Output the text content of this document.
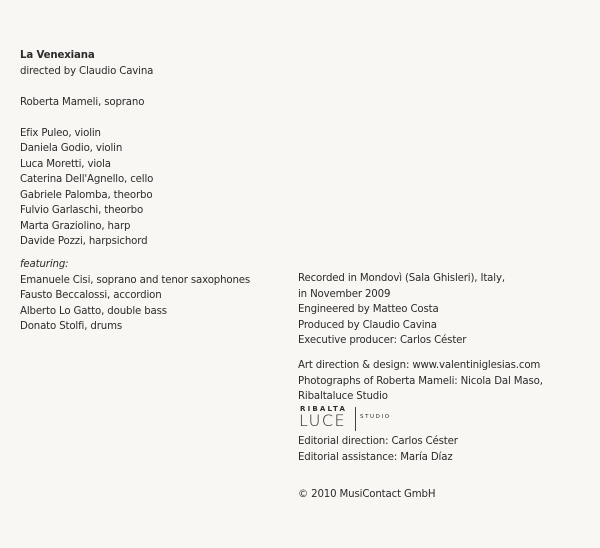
La Venexiana
directed by Claudio Cavina
Roberta Mameli, soprano
Efix Puleo, violin
Daniela Godio, violin
Luca Moretti, viola
Caterina Dell'Agnello, cello
Gabriele Palomba, theorbo
Fulvio Garlaschi, theorbo
Marta Graziolino, harp
Davide Pozzi, harpsichord
featuring:
Emanuele Cisi, soprano and tenor saxophones
Fausto Beccalossi, accordion
Alberto Lo Gatto, double bass
Donato Stolfi, drums
Recorded in Mondovì (Sala Ghisleri), Italy,
in November 2009
Engineered by Matteo Costa
Produced by Claudio Cavina
Executive producer: Carlos Céster
Art direction & design: www.valentiniglesias.com
Photographs of Roberta Mameli: Nicola Dal Maso,
Ribaltaluce Studio
RIBALTA
LUCE	STUDIO
Editorial direction: Carlos Céster
Editorial assistance: María Díaz
© 2010 MusiContact GmbH
